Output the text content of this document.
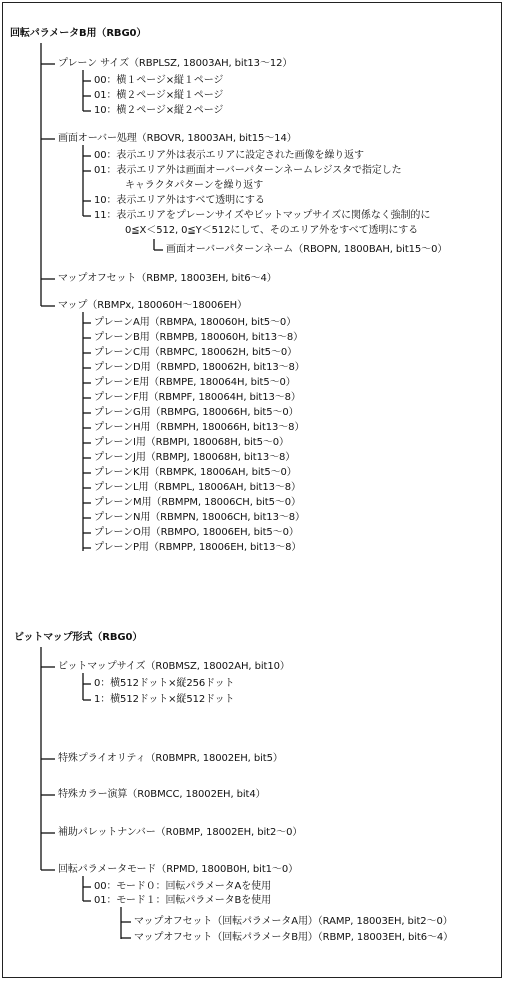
回転パラメータB用（RBG0）
プレーン サイズ（RBPLSZ, 18003AH, bit13～12）
00：横１ページ×縦１ページ
01：横２ページ×縦１ページ
10：横２ページ×縦２ページ
画面オーバー処理（RBOVR, 18003AH, bit15～14）
00：表示エリア外は表示エリアに設定された画像を繰り返す
01：表示エリア外は画面オーバーパターンネームレジスタで指定した
キャラクタパターンを繰り返す
10：表示エリア外はすべて透明にする
11：表示エリアをプレーンサイズやビットマップサイズに関係なく強制的に
0≦X＜512, 0≦Y＜512にして、そのエリア外をすべて透明にする
画面オーバーパターンネーム（RBOPN, 1800BAH, bit15～0）
マップオフセット（RBMP, 18003EH, bit6～4）
マップ（RBMPx, 180060H～18006EH）
プレーンA用（RBMPA, 180060H, bit5～0）
プレーンB用（RBMPB, 180060H, bit13～8）
プレーンC用（RBMPC, 180062H, bit5～0）
プレーンD用（RBMPD, 180062H, bit13～8）
プレーンE用（RBMPE, 180064H, bit5～0）
プレーンF用（RBMPF, 180064H, bit13～8）
プレーンG用（RBMPG, 180066H, bit5～0）
プレーンH用（RBMPH, 180066H, bit13～8）
プレーンI用（RBMPI, 180068H, bit5～0）
プレーンJ用（RBMPJ, 180068H, bit13～8）
プレーンK用（RBMPK, 18006AH, bit5～0）
プレーンL用（RBMPL, 18006AH, bit13～8）
プレーンM用（RBMPM, 18006CH, bit5～0）
プレーンN用（RBMPN, 18006CH, bit13～8）
プレーンO用（RBMPO, 18006EH, bit5～0）
プレーンP用（RBMPP, 18006EH, bit13～8）
ビットマップ形式（RBG0）
ビットマップサイズ（R0BMSZ, 18002AH, bit10）
0：横512ドット×縦256ドット
1：横512ドット×縦512ドット
特殊プライオリティ（R0BMPR, 18002EH, bit5）
特殊カラー演算（R0BMCC, 18002EH, bit4）
補助パレットナンバー（R0BMP, 18002EH, bit2～0）
回転パラメータモード（RPMD, 1800B0H, bit1～0）
00：モード０：回転パラメータAを使用
01：モード１：回転パラメータBを使用
マップオフセット（回転パラメータA用）（RAMP, 18003EH, bit2～0）
マップオフセット（回転パラメータB用）（RBMP, 18003EH, bit6～4）
